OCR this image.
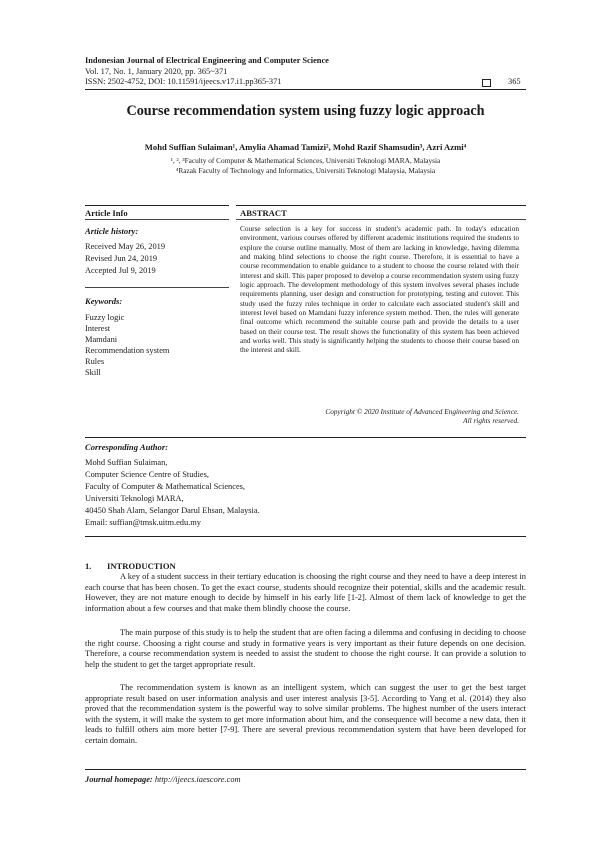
Indonesian Journal of Electrical Engineering and Computer Science
Vol. 17, No. 1, January 2020, pp. 365~371
ISSN: 2502-4752, DOI: 10.11591/ijeecs.v17.i1.pp365-371	365
Course recommendation system using fuzzy logic approach
Mohd Suffian Sulaiman¹, Amylia Ahamad Tamizi², Mohd Razif Shamsudin³, Azri Azmi⁴
¹, ², ³Faculty of Computer & Mathematical Sciences, Universiti Teknologi MARA, Malaysia
⁴Razak Faculty of Technology and Informatics, Universiti Teknologi Malaysia, Malaysia
Article Info	ABSTRACT
Article history:
Received May 26, 2019
Revised Jun 24, 2019
Accepted Jul 9, 2019
Keywords:
Fuzzy logic
Interest
Mamdani
Recommendation system
Rules
Skill
Course selection is a key for success in student's academic path. In today's education environment, various courses offered by different academic institutions required the students to explore the course outline manually. Most of them are lacking in knowledge, having dilemma and making blind selections to choose the right course. Therefore, it is essential to have a course recommendation to enable guidance to a student to choose the course related with their interest and skill. This paper proposed to develop a course recommendation system using fuzzy logic approach. The development methodology of this system involves several phases include requirements planning, user design and construction for prototyping, testing and cutover. This study used the fuzzy rules technique in order to calculate each associated student's skill and interest level based on Mamdani fuzzy inference system method. Then, the rules will generate final outcome which recommend the suitable course path and provide the details to a user based on their course test. The result shows the functionality of this system has been achieved and works well. This study is significantly helping the students to choose their course based on the interest and skill.
Copyright © 2020 Institute of Advanced Engineering and Science.
All rights reserved.
Corresponding Author:
Mohd Suffian Sulaiman,
Computer Science Centre of Studies,
Faculty of Computer & Mathematical Sciences,
Universiti Teknologi MARA,
40450 Shah Alam, Selangor Darul Ehsan, Malaysia.
Email: suffian@tmsk.uitm.edu.my
1. INTRODUCTION
A key of a student success in their tertiary education is choosing the right course and they need to have a deep interest in each course that has been chosen. To get the exact course, students should recognize their potential, skills and the academic result. However, they are not mature enough to decide by himself in his early life [1-2]. Almost of them lack of knowledge to get the information about a few courses and that make them blindly choose the course.
The main purpose of this study is to help the student that are often facing a dilemma and confusing in deciding to choose the right course. Choosing a right course and study in formative years is very important as their future depends on one decision. Therefore, a course recommendation system is needed to assist the student to choose the right course. It can provide a solution to help the student to get the target appropriate result.
The recommendation system is known as an intelligent system, which can suggest the user to get the best target appropriate result based on user information analysis and user interest analysis [3-5]. According to Yang et al. (2014) they also proved that the recommendation system is the powerful way to solve similar problems. The highest number of the users interact with the system, it will make the system to get more information about him, and the consequence will become a new data, then it leads to fulfill others aim more better [7-9]. There are several previous recommendation system that have been developed for certain domain.
Journal homepage: http://ijeecs.iaescore.com
